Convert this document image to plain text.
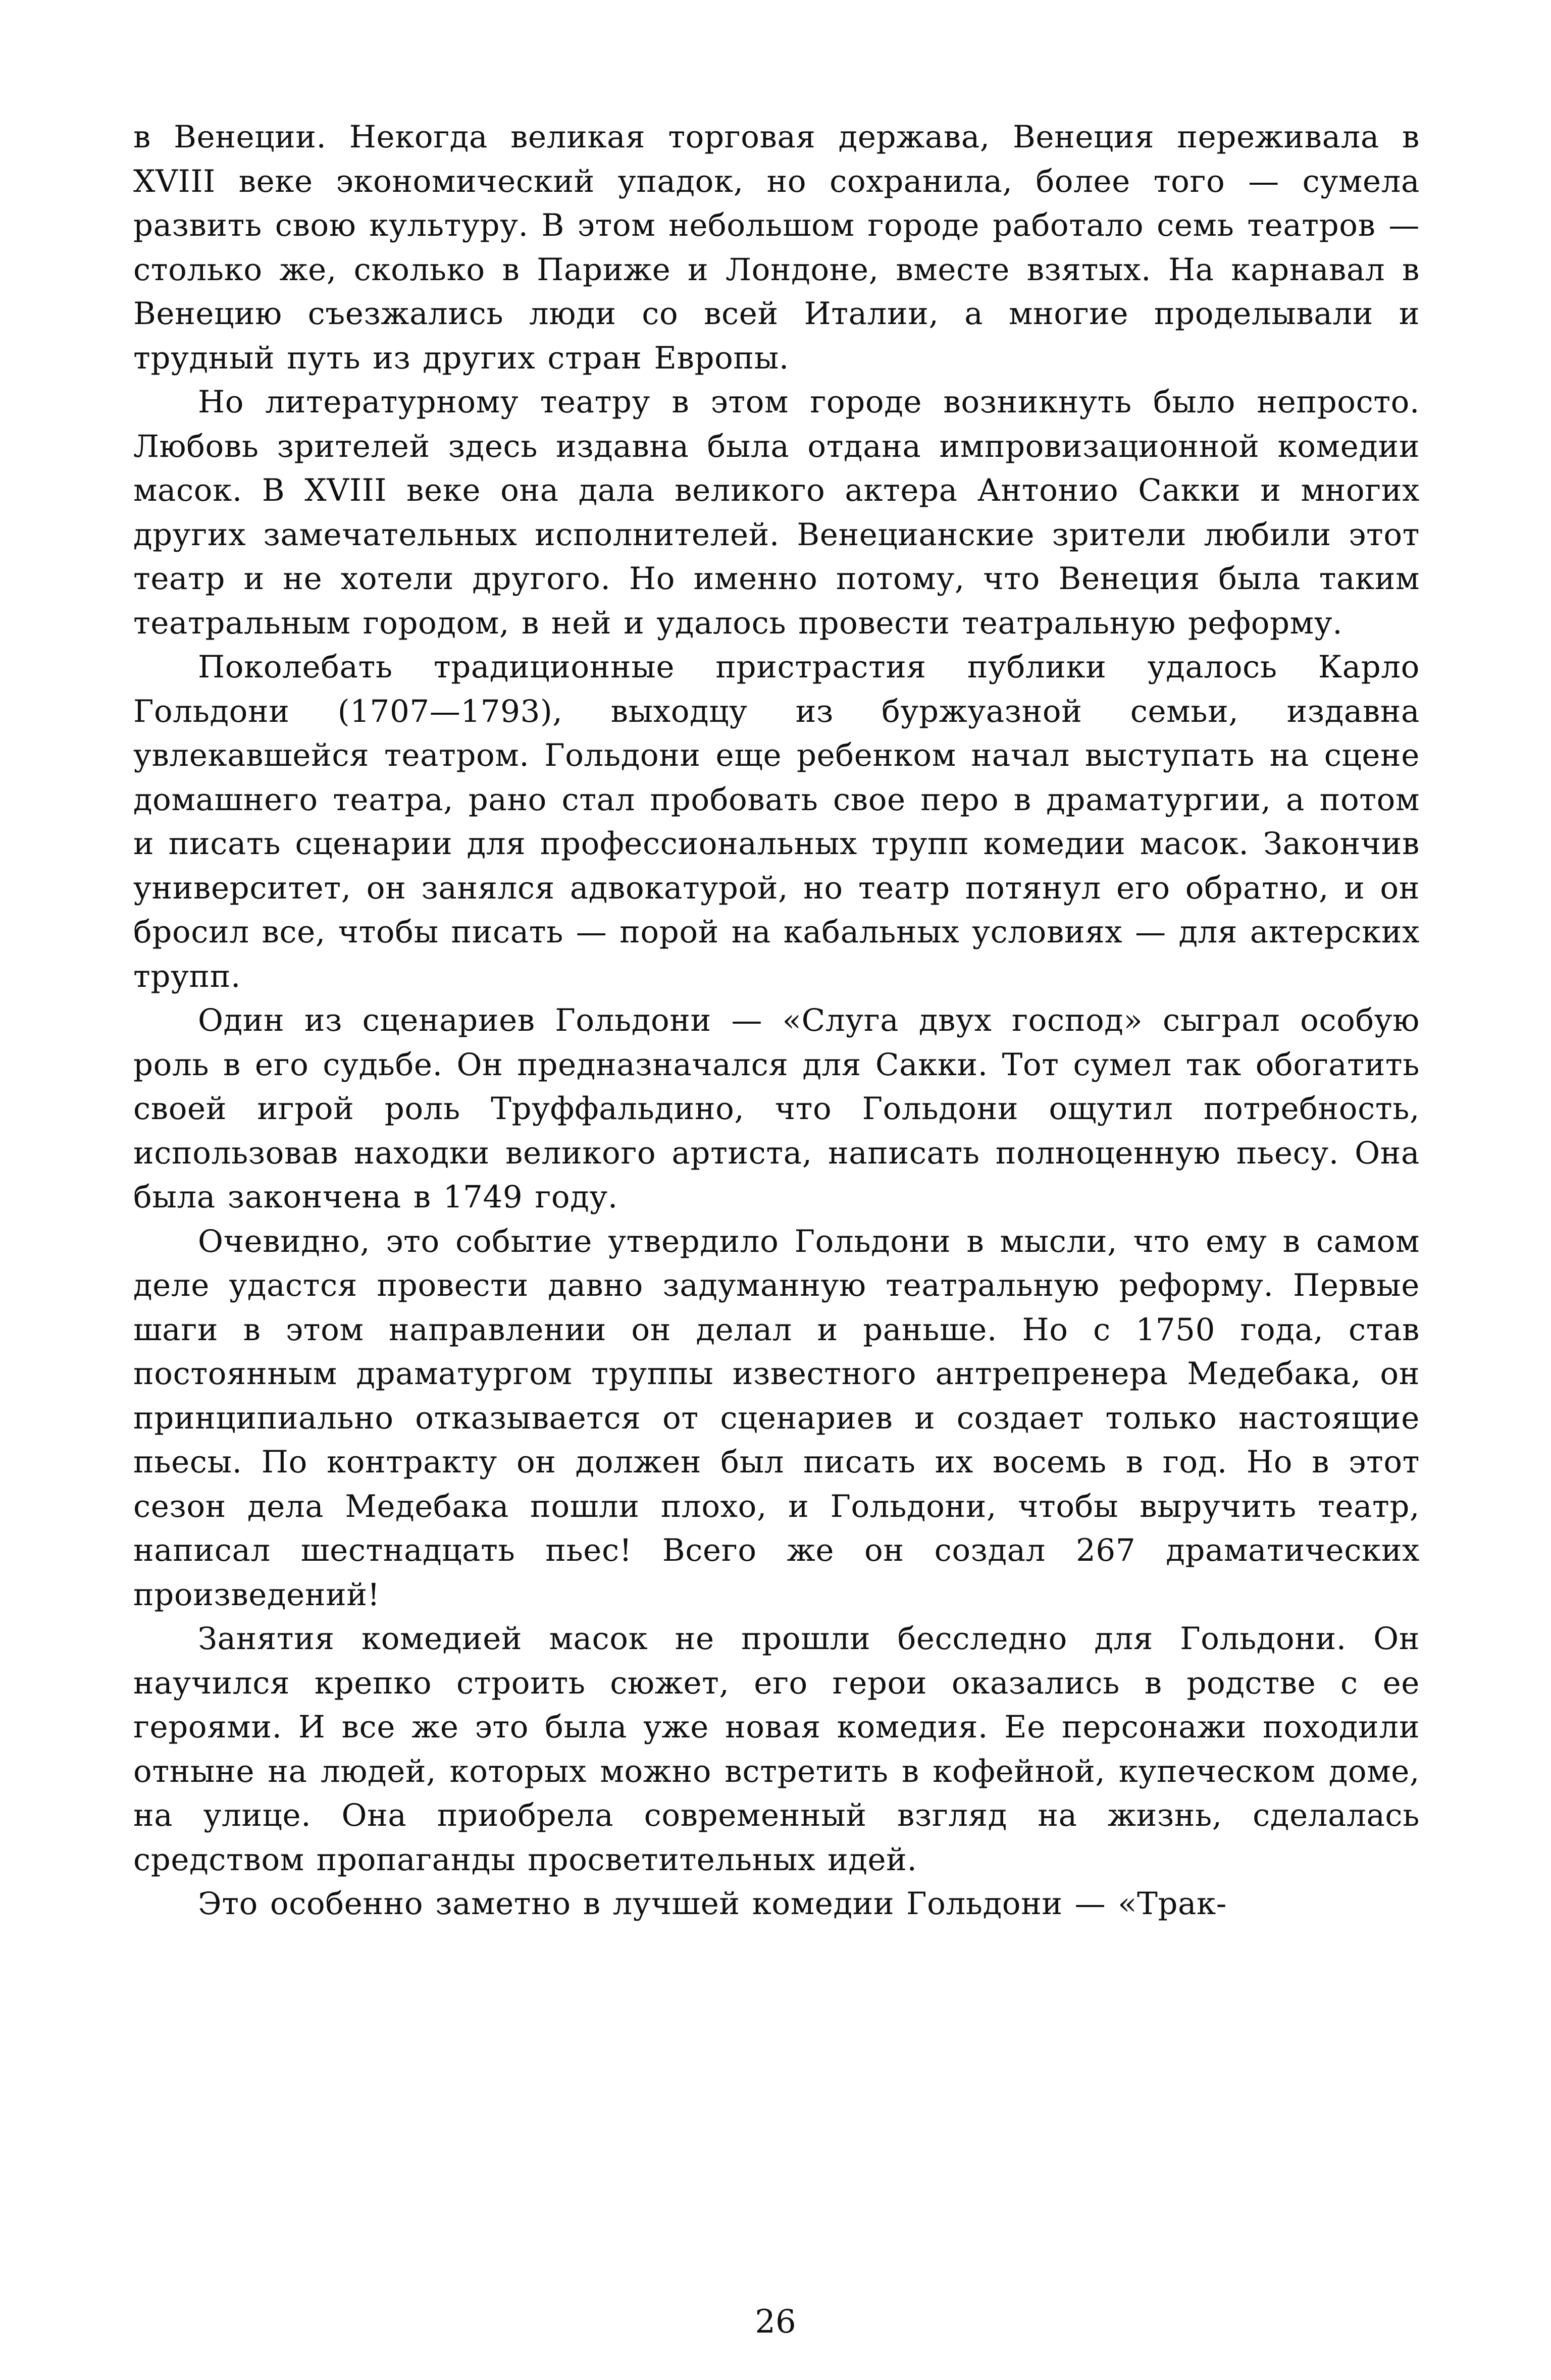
в Венеции. Некогда великая торговая держава, Венеция переживала в XVIII веке экономический упадок, но сохранила, более того — сумела развить свою культуру. В этом небольшом городе работало семь театров — столько же, сколько в Париже и Лондоне, вместе взятых. На карнавал в Венецию съезжались люди со всей Италии, а многие проделывали и трудный путь из других стран Европы.

Но литературному театру в этом городе возникнуть было непросто. Любовь зрителей здесь издавна была отдана импровизационной комедии масок. В XVIII веке она дала великого актера Антонио Сакки и многих других замечательных исполнителей. Венецианские зрители любили этот театр и не хотели другого. Но именно потому, что Венеция была таким театральным городом, в ней и удалось провести театральную реформу.

Поколебать традиционные пристрастия публики удалось Карло Гольдони (1707—1793), выходцу из буржуазной семьи, издавна увлекавшейся театром. Гольдони еще ребенком начал выступать на сцене домашнего театра, рано стал пробовать свое перо в драматургии, а потом и писать сценарии для профессиональных трупп комедии масок. Закончив университет, он занялся адвокатурой, но театр потянул его обратно, и он бросил все, чтобы писать — порой на кабальных условиях — для актерских трупп.

Один из сценариев Гольдони — «Слуга двух господ» сыграл особую роль в его судьбе. Он предназначался для Сакки. Тот сумел так обогатить своей игрой роль Труффальдино, что Гольдони ощутил потребность, использовав находки великого артиста, написать полноценную пьесу. Она была закончена в 1749 году.

Очевидно, это событие утвердило Гольдони в мысли, что ему в самом деле удастся провести давно задуманную театральную реформу. Первые шаги в этом направлении он делал и раньше. Но с 1750 года, став постоянным драматургом труппы известного антрепренера Медебака, он принципиально отказывается от сценариев и создает только настоящие пьесы. По контракту он должен был писать их восемь в год. Но в этот сезон дела Медебака пошли плохо, и Гольдони, чтобы выручить театр, написал шестнадцать пьес! Всего же он создал 267 драматических произведений!

Занятия комедией масок не прошли бесследно для Гольдони. Он научился крепко строить сюжет, его герои оказались в родстве с ее героями. И все же это была уже новая комедия. Ее персонажи походили отныне на людей, которых можно встретить в кофейной, купеческом доме, на улице. Она приобрела современный взгляд на жизнь, сделалась средством пропаганды просветительных идей.

Это особенно заметно в лучшей комедии Гольдони — «Трак-

26
